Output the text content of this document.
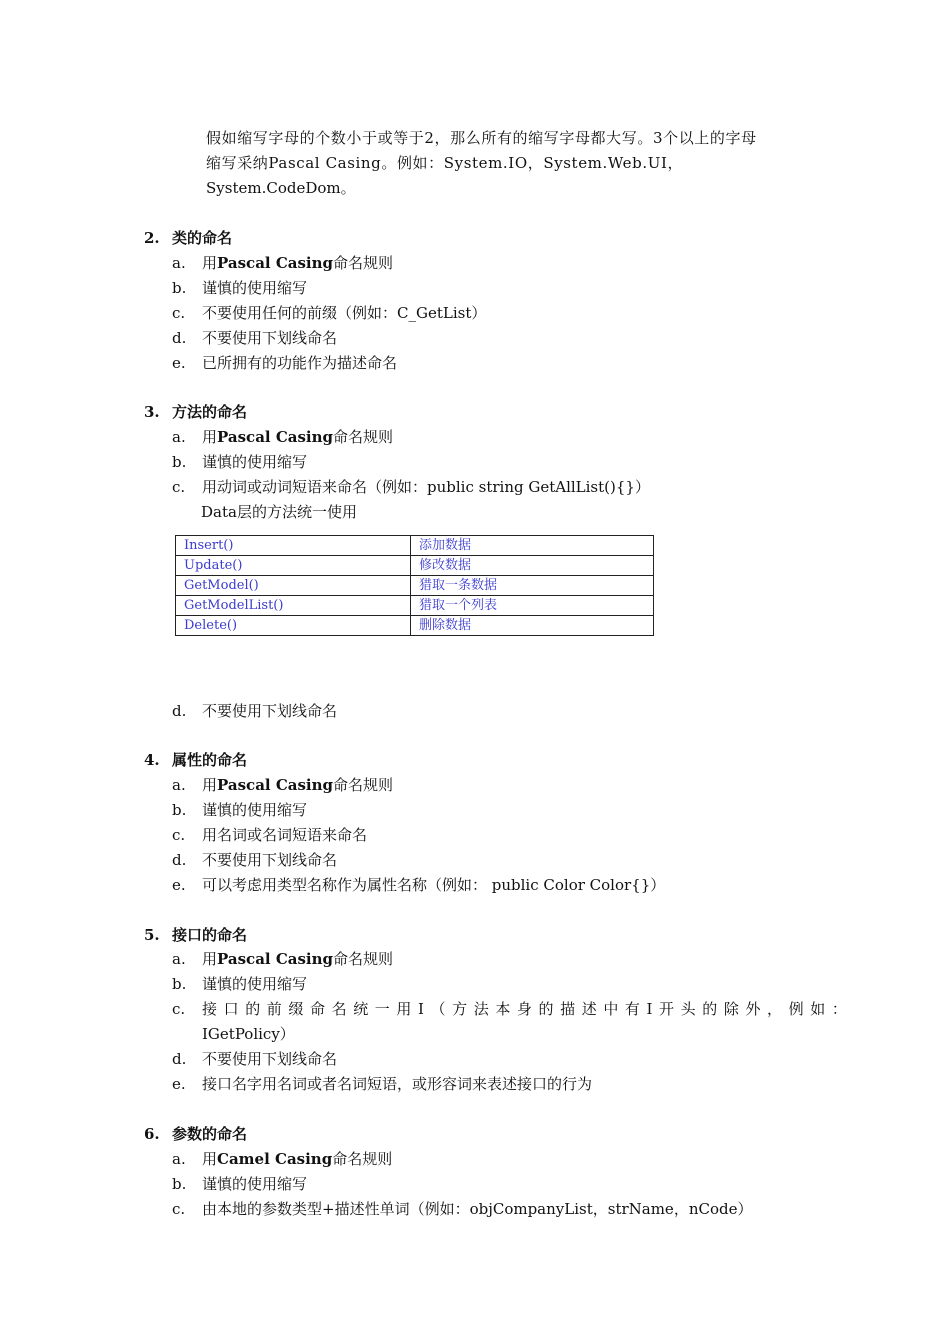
假如缩写字母的个数小于或等于2，那么所有的缩写字母都大写。3个以上的字母
缩写采纳Pascal Casing。例如：System.IO，System.Web.UI，
System.CodeDom。
2. 类的命名
a. 用Pascal Casing命名规则
b. 谨慎的使用缩写
c. 不要使用任何的前缀（例如：C_GetList）
d. 不要使用下划线命名
e. 已所拥有的功能作为描述命名
3. 方法的命名
a. 用Pascal Casing命名规则
b. 谨慎的使用缩写
c. 用动词或动词短语来命名（例如：public string GetAllList(){}）
Data层的方法统一使用
Insert()	添加数据
Update()	修改数据
GetModel()	猎取一条数据
GetModelList()	猎取一个列表
Delete()	删除数据
d. 不要使用下划线命名
4. 属性的命名
a. 用Pascal Casing命名规则
b. 谨慎的使用缩写
c. 用名词或名词短语来命名
d. 不要使用下划线命名
e. 可以考虑用类型名称作为属性名称（例如： public Color Color{}）
5. 接口的命名
a. 用Pascal Casing命名规则
b. 谨慎的使用缩写
c. 接口的前缀命名统一用I（方法本身的描述中有I开头的除外，例如：
IGetPolicy）
d. 不要使用下划线命名
e. 接口名字用名词或者名词短语，或形容词来表述接口的行为
6. 参数的命名
a. 用Camel Casing命名规则
b. 谨慎的使用缩写
c. 由本地的参数类型+描述性单词（例如：objCompanyList，strName，nCode）
